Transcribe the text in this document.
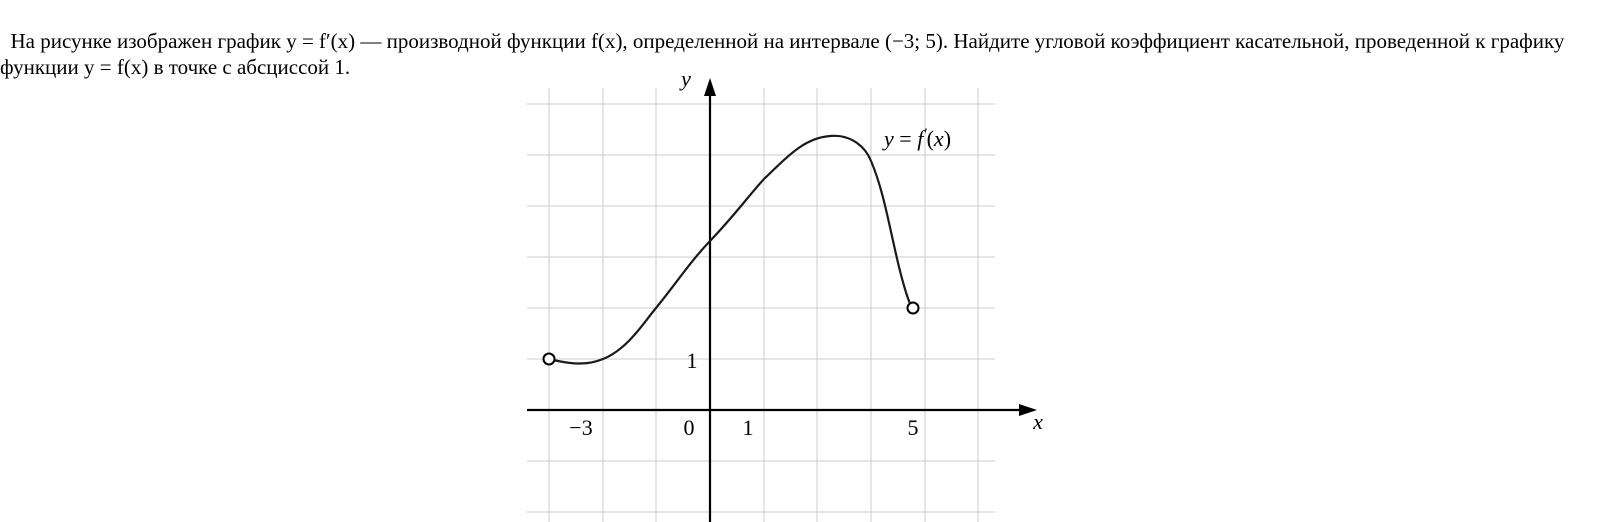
На рисунке изображен график y = f′(x) — производной функции f(x), определенной на интервале (−3; 5). Найдите угловой коэффициент касательной, проведенной к графику функции y = f(x) в точке с абсциссой 1.	y
x
−3	0 1	5
1
y = f′(x)
